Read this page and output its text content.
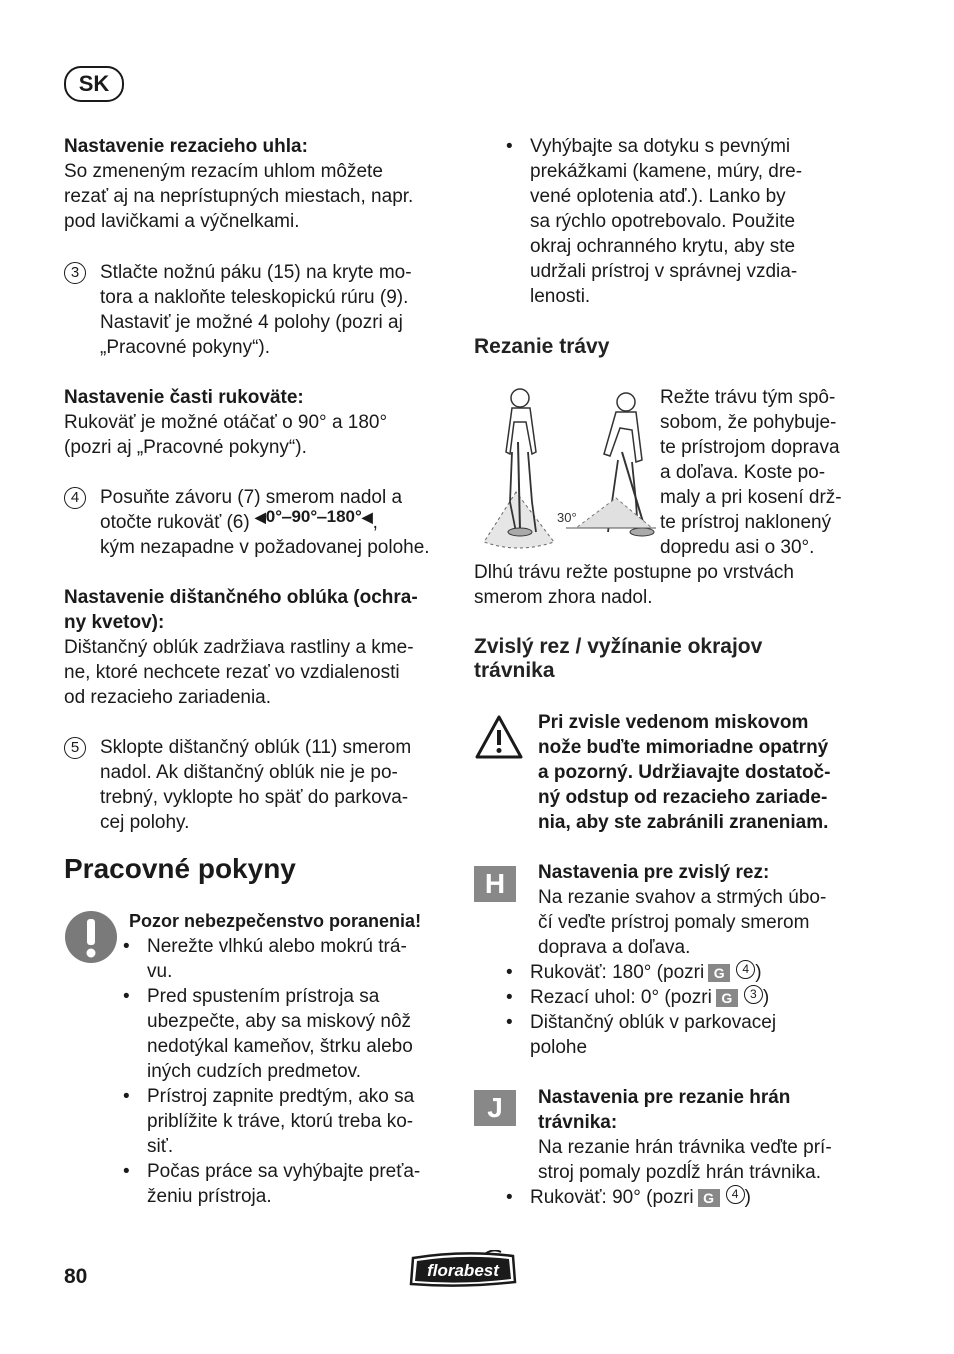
SK

Nastavenie rezacieho uhla:

So zmeneným rezacím uhlom môžete

rezať aj na neprístupných miestach, napr.

pod lavičkami a výčnelkami.

3	Stlačte nožnú páku (15) na kryte mo-

tora a nakloňte teleskopickú rúru (9).

Nastaviť je možné 4 polohy (pozri aj

„Pracovné pokyny“).

Nastavenie časti rukoväte:

Rukoväť je možné otáčať o 90° a 180°

(pozri aj „Pracovné pokyny“).

4	Posuňte závoru (7) smerom nadol a

otočte rukoväť (6) ◀0°‒90°‒180°◀,

kým nezapadne v požadovanej polohe.

Nastavenie dištančného oblúka (ochra-

ny kvetov):

Dištančný oblúk zadržiava rastliny a kme-

ne, ktoré nechcete rezať vo vzdialenosti

od rezacieho zariadenia.

5	Sklopte dištančný oblúk (11) smerom

nadol. Ak dištančný oblúk nie je po-

trebný, vyklopte ho späť do parkova-

cej polohy.

Pracovné pokyny

Pozor nebezpečenstvo poranenia!

• Nerežte vlhkú alebo mokrú trá-

vu.

• Pred spustením prístroja sa

ubezpečte, aby sa miskový nôž

nedotýkal kameňov, štrku alebo

iných cudzích predmetov.

• Prístroj zapnite predtým, ako sa

priblížite k tráve, ktorú treba ko-

siť.

• Počas práce sa vyhýbajte preťa-

ženiu prístroja.

• Vyhýbajte sa dotyku s pevnými

prekážkami (kamene, múry, dre-

vené oplotenia atď.). Lanko by

sa rýchlo opotrebovalo. Použite

okraj ochranného krytu, aby ste

udržali prístroj v správnej vzdia-

lenosti.

Rezanie trávy
30°

Režte trávu tým spô-

sobom, že pohybuje-

te prístrojom doprava

a doľava. Koste po-

maly a pri kosení drž-

te prístroj naklonený

dopredu asi o 30°.

Dlhú trávu režte postupne po vrstvách

smerom zhora nadol.

Zvislý rez / vyžínanie okrajov

trávnika

Pri zvisle vedenom miskovom

nože buďte mimoriadne opatrný

a pozorný. Udržiavajte dostatoč-

ný odstup od rezacieho zariade-

nia, aby ste zabránili zraneniam.

H	Nastavenia pre zvislý rez:

Na rezanie svahov a strmých úbo-

čí veďte prístroj pomaly smerom

doprava a doľava.

• Rukoväť: 180° (pozri G 4 )
• Rezací uhol: 0° (pozri G 3 )

• Dištančný oblúk v parkovacej

polohe

J	Nastavenia pre rezanie hrán

trávnika:

Na rezanie hrán trávnika veďte prí-

stroj pomaly pozdĺž hrán trávnika.

• Rukoväť: 90° (pozri G 4 )
80	florabest
